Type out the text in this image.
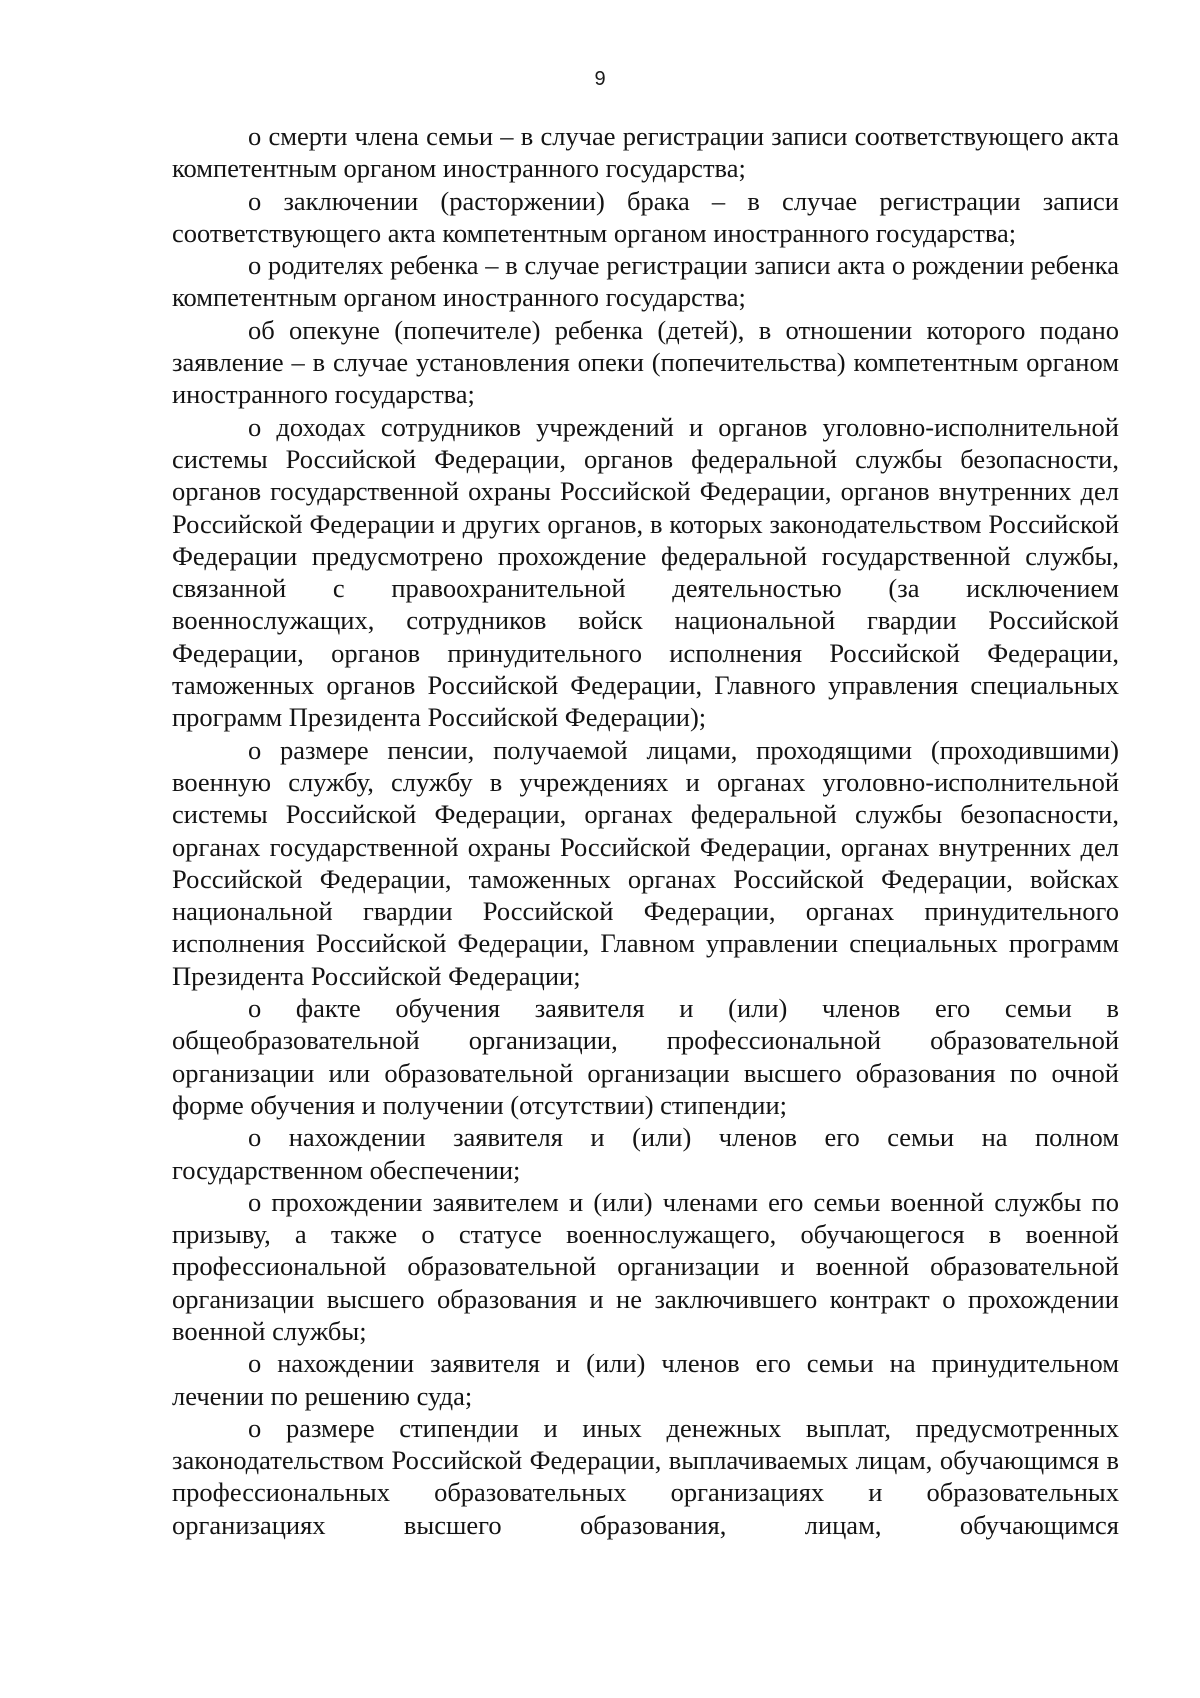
9

о смерти члена семьи – в случае регистрации записи соответствующего акта компетентным органом иностранного государства;

о заключении (расторжении) брака – в случае регистрации записи соответствующего акта компетентным органом иностранного государства;

о родителях ребенка – в случае регистрации записи акта о рождении ребенка компетентным органом иностранного государства;

об опекуне (попечителе) ребенка (детей), в отношении которого подано заявление – в случае установления опеки (попечительства) компетентным органом иностранного государства;

о доходах сотрудников учреждений и органов уголовно-исполнительной системы Российской Федерации, органов федеральной службы безопасности, органов государственной охраны Российской Федерации, органов внутренних дел Российской Федерации и других органов, в которых законодательством Российской Федерации предусмотрено прохождение федеральной государственной службы, связанной с правоохранительной деятельностью (за исключением военнослужащих, сотрудников войск национальной гвардии Российской Федерации, органов принудительного исполнения Российской Федерации, таможенных органов Российской Федерации, Главного управления специальных программ Президента Российской Федерации);

о размере пенсии, получаемой лицами, проходящими (проходившими) военную службу, службу в учреждениях и органах уголовно-исполнительной системы Российской Федерации, органах федеральной службы безопасности, органах государственной охраны Российской Федерации, органах внутренних дел Российской Федерации, таможенных органах Российской Федерации, войсках национальной гвардии Российской Федерации, органах принудительного исполнения Российской Федерации, Главном управлении специальных программ Президента Российской Федерации;

о факте обучения заявителя и (или) членов его семьи в общеобразовательной организации, профессиональной образовательной организации или образовательной организации высшего образования по очной форме обучения и получении (отсутствии) стипендии;

о нахождении заявителя и (или) членов его семьи на полном государственном обеспечении;

о прохождении заявителем и (или) членами его семьи военной службы по призыву, а также о статусе военнослужащего, обучающегося в военной профессиональной образовательной организации и военной образовательной организации высшего образования и не заключившего контракт о прохождении военной службы;

о нахождении заявителя и (или) членов его семьи на принудительном лечении по решению суда;

о размере стипендии и иных денежных выплат, предусмотренных законодательством Российской Федерации, выплачиваемых лицам, обучающимся в профессиональных образовательных организациях и образовательных организациях высшего образования, лицам, обучающимся
